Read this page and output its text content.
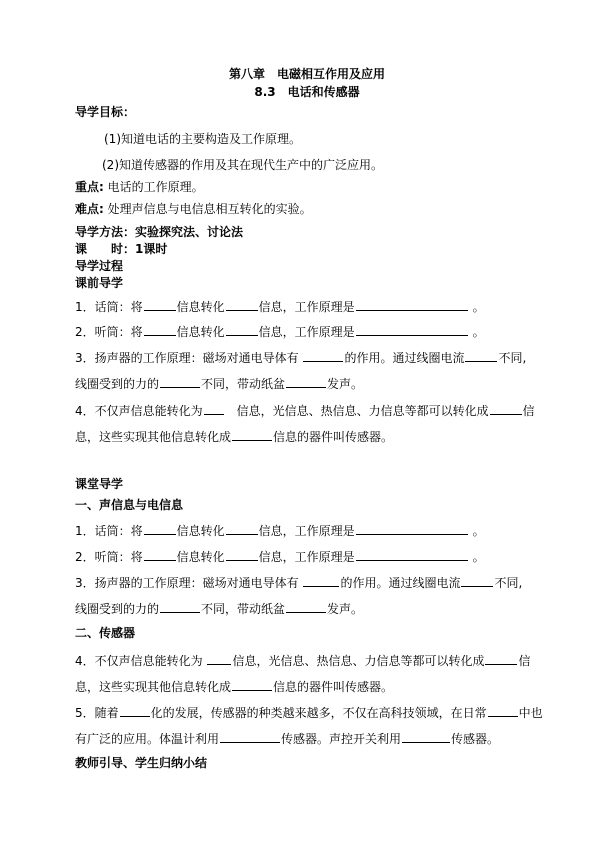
第八章　电磁相互作用及应用
8.3　电话和传感器
导学目标：
(1)知道电话的主要构造及工作原理。
(2)知道传感器的作用及其在现代生产中的广泛应用。
重点: 电话的工作原理。
难点: 处理声信息与电信息相互转化的实验。
导学方法：实验探究法、讨论法
课　　时：1课时
导学过程
课前导学
1．话筒：将	信息转化	信息，工作原理是	。
2．听筒：将	信息转化	信息，工作原理是	。
3．扬声器的工作原理：磁场对通电导体有	的作用。通过线圈电流	不同,
线圈受到的力的	不同，带动纸盆	发声。
4．不仅声信息能转化为　信息，光信息、热信息、力信息等都可以转化成	信
息，这些实现其他信息转化成	信息的器件叫传感器。
课堂导学
一、声信息与电信息
1．话筒：将	信息转化	信息，工作原理是	。
2．听筒：将	信息转化	信息，工作原理是	。
3．扬声器的工作原理：磁场对通电导体有	的作用。通过线圈电流	不同,
线圈受到的力的	不同，带动纸盆	发声。
二、传感器
4．不仅声信息能转化为 信息，光信息、热信息、力信息等都可以转化成	信
息，这些实现其他信息转化成	信息的器件叫传感器。
5．随着	化的发展，传感器的种类越来越多，不仅在高科技领域，在日常	中也
有广泛的应用。体温计利用	传感器。声控开关利用	传感器。
教师引导、学生归纳小结
